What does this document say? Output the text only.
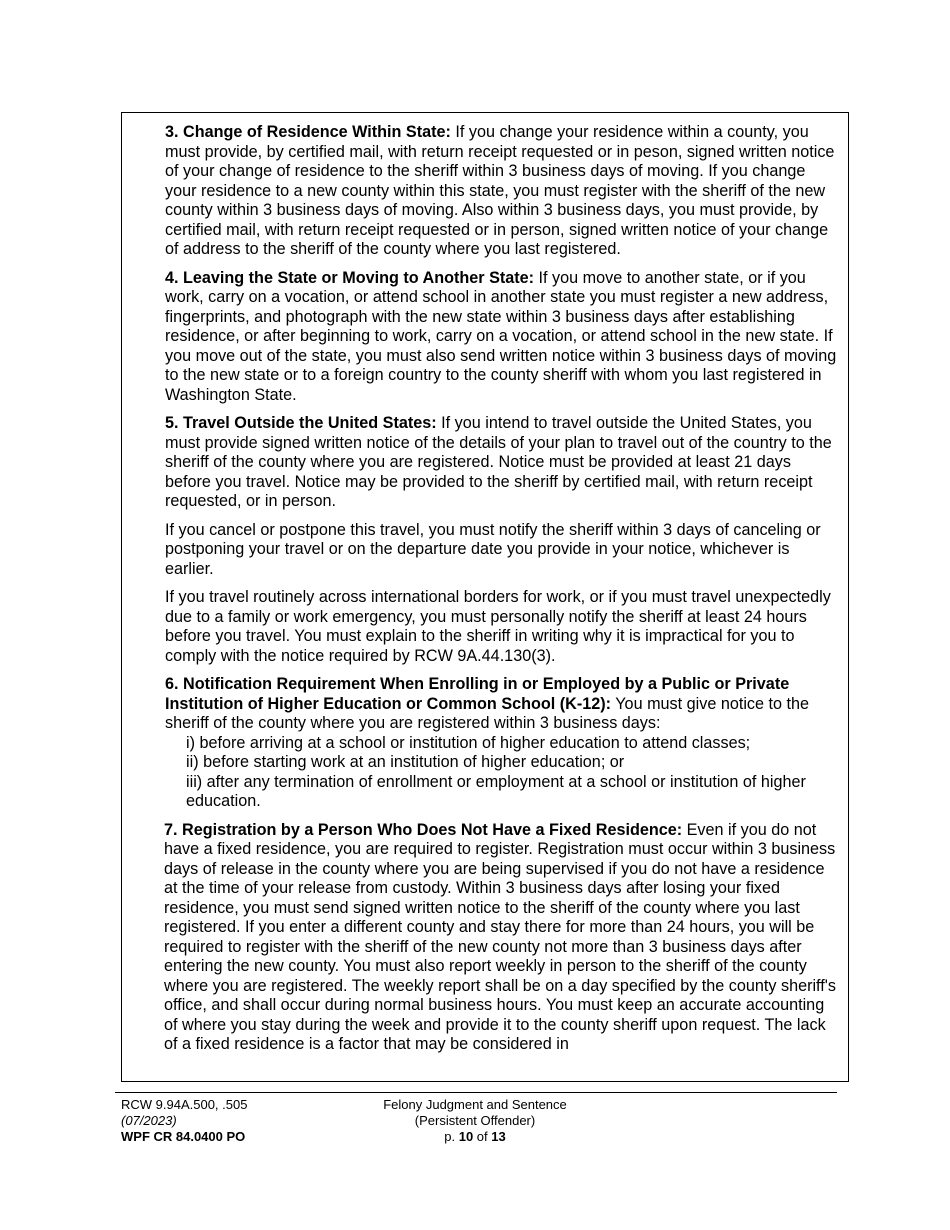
3. Change of Residence Within State: If you change your residence within a county, you must provide, by certified mail, with return receipt requested or in peson, signed written notice of your change of residence to the sheriff within 3 business days of moving. If you change your residence to a new county within this state, you must register with the sheriff of the new county within 3 business days of moving. Also within 3 business days, you must provide, by certified mail, with return receipt requested or in person, signed written notice of your change of address to the sheriff of the county where you last registered.

4. Leaving the State or Moving to Another State: If you move to another state, or if you work, carry on a vocation, or attend school in another state you must register a new address, fingerprints, and photograph with the new state within 3 business days after establishing residence, or after beginning to work, carry on a vocation, or attend school in the new state. If you move out of the state, you must also send written notice within 3 business days of moving to the new state or to a foreign country to the county sheriff with whom you last registered in Washington State.

5. Travel Outside the United States: If you intend to travel outside the United States, you must provide signed written notice of the details of your plan to travel out of the country to the sheriff of the county where you are registered. Notice must be provided at least 21 days before you travel. Notice may be provided to the sheriff by certified mail, with return receipt requested, or in person.

If you cancel or postpone this travel, you must notify the sheriff within 3 days of canceling or postponing your travel or on the departure date you provide in your notice, whichever is earlier.

If you travel routinely across international borders for work, or if you must travel unexpectedly due to a family or work emergency, you must personally notify the sheriff at least 24 hours before you travel. You must explain to the sheriff in writing why it is impractical for you to comply with the notice required by RCW 9A.44.130(3).

6. Notification Requirement When Enrolling in or Employed by a Public or Private Institution of Higher Education or Common School (K-12): You must give notice to the sheriff of the county where you are registered within 3 business days:

i) before arriving at a school or institution of higher education to attend classes;
ii) before starting work at an institution of higher education; or
iii) after any termination of enrollment or employment at a school or institution of higher education.

7. Registration by a Person Who Does Not Have a Fixed Residence: Even if you do not have a fixed residence, you are required to register. Registration must occur within 3 business days of release in the county where you are being supervised if you do not have a residence at the time of your release from custody. Within 3 business days after losing your fixed residence, you must send signed written notice to the sheriff of the county where you last registered. If you enter a different county and stay there for more than 24 hours, you will be required to register with the sheriff of the new county not more than 3 business days after entering the new county. You must also report weekly in person to the sheriff of the county where you are registered. The weekly report shall be on a day specified by the county sheriff's office, and shall occur during normal business hours. You must keep an accurate accounting of where you stay during the week and provide it to the county sheriff upon request. The lack of a fixed residence is a factor that may be considered in

RCW 9.94A.500, .505
(07/2023)
WPF CR 84.0400 PO
Felony Judgment and Sentence
(Persistent Offender)
p. 10 of 13
